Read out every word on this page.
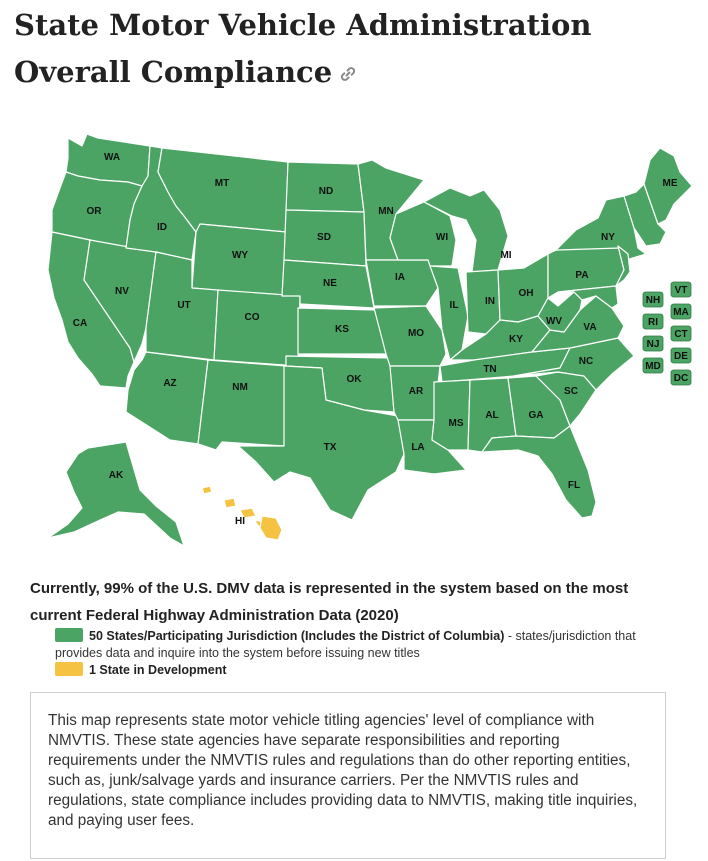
State Motor Vehicle Administration Overall Compliance
WA
OR
CA
ID
NV
MT
WY
UT
AZ
CO
NM
ND
SD
NE
KS
OK
TX
MN
IA
MO
AR
LA
WI
IL
MI
IN
OH
KY
TN
MS
AL	GA
FL
SC
NC
VA
WV
PA
NY
ME
AK
HI
VT
NH
MA
RI
CT
NJ
DE
MD
DC

Currently, 99% of the U.S. DMV data is represented in the system based on the most current Federal Highway Administration Data (2020)

50 States/Participating Jurisdiction (Includes the District of Columbia) - states/jurisdiction that provides data and inquire into the system before issuing new titles
1 State in Development
This map represents state motor vehicle titling agencies' level of compliance with NMVTIS. These state agencies have separate responsibilities and reporting requirements under the NMVTIS rules and regulations than do other reporting entities, such as, junk/salvage yards and insurance carriers. Per the NMVTIS rules and regulations, state compliance includes providing data to NMVTIS, making title inquiries, and paying user fees.
